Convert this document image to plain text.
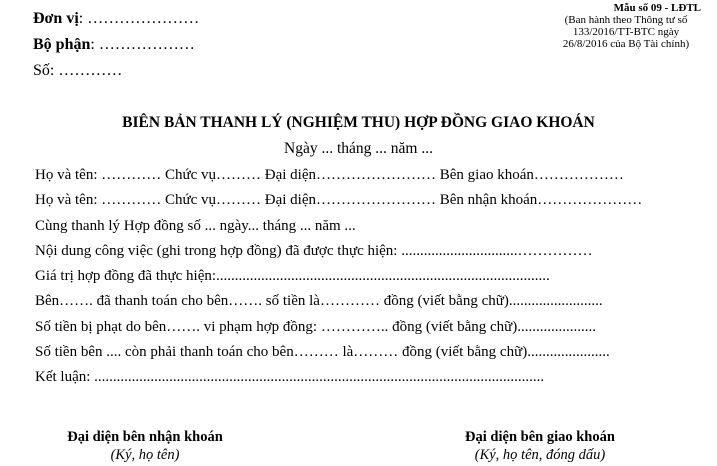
Đơn vị: …………………
Bộ phận: ………………
Số: …………
Mẫu số 09 - LĐTL
(Ban hành theo Thông tư số
133/2016/TT-BTC ngày
26/8/2016 của Bộ Tài chính)
BIÊN BẢN THANH LÝ (NGHIỆM THU) HỢP ĐỒNG GIAO KHOÁN
Ngày ... tháng ... năm ...
Họ và tên: ………… Chức vụ……… Đại diện…………………… Bên giao khoán………………
Họ và tên: ………… Chức vụ……… Đại diện…………………… Bên nhận khoán…………………
Cùng thanh lý Hợp đồng số ... ngày... tháng ... năm ...
Nội dung công việc (ghi trong hợp đồng) đã được thực hiện: ...............................……………
Giá trị hợp đồng đã thực hiện:.........................................................................................
Bên……. đã thanh toán cho bên……. số tiền là………… đồng (viết bằng chữ).........................
Số tiền bị phạt do bên……. vi phạm hợp đồng: ………….. đồng (viết bằng chữ).....................
Số tiền bên .... còn phải thanh toán cho bên……… là……… đồng (viết bằng chữ)......................
Kết luận: ........................................................................................................................
Đại diện bên nhận khoán
(Ký, họ tên)
Đại diện bên giao khoán
(Ký, họ tên, đóng dấu)
